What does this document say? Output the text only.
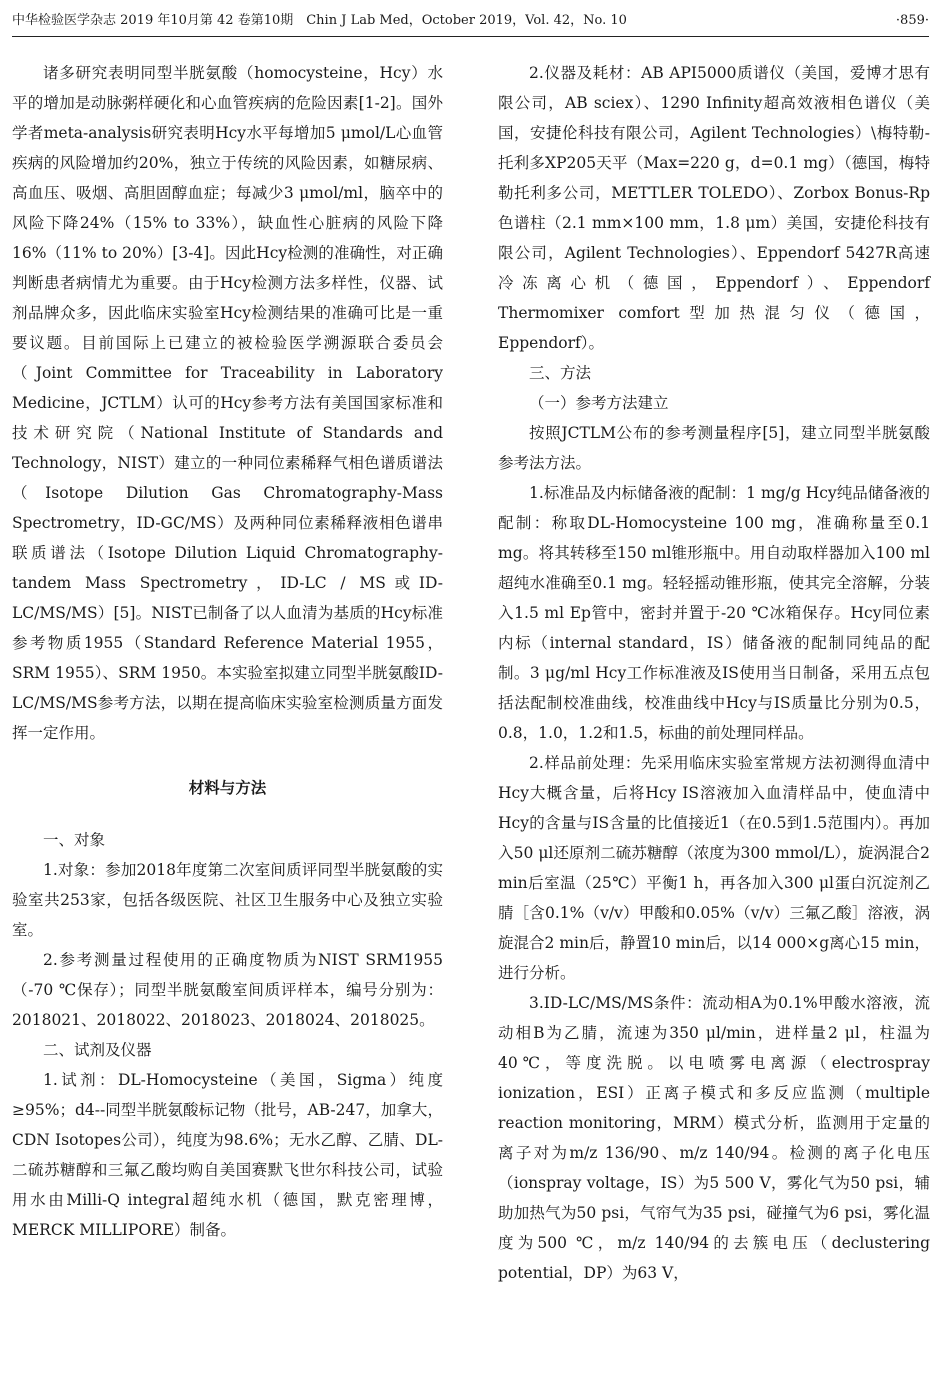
中华检验医学杂志 2019 年10月第 42 卷第10期　Chin J Lab Med，October 2019，Vol. 42，No. 10	·859·

诸多研究表明同型半胱氨酸（homocysteine，Hcy）水平的增加是动脉粥样硬化和心血管疾病的危险因素[1-2]。国外学者meta-analysis研究表明Hcy水平每增加5 μmol/L心血管疾病的风险增加约20%，独立于传统的风险因素，如糖尿病、高血压、吸烟、高胆固醇血症；每减少3 μmol/ml，脑卒中的风险下降24%（15% to 33%），缺血性心脏病的风险下降16%（11% to 20%）[3-4]。因此Hcy检测的准确性，对正确判断患者病情尤为重要。由于Hcy检测方法多样性，仪器、试剂品牌众多，因此临床实验室Hcy检测结果的准确可比是一重要议题。目前国际上已建立的被检验医学溯源联合委员会（Joint Committee for Traceability in Laboratory Medicine，JCTLM）认可的Hcy参考方法有美国国家标准和技术研究院（National Institute of Standards and Technology，NIST）建立的一种同位素稀释气相色谱质谱法（Isotope Dilution Gas Chromatography-Mass Spectrometry，ID-GC/MS）及两种同位素稀释液相色谱串联质谱法（Isotope Dilution Liquid Chromatography-tandem Mass Spectrometry，ID-LC / MS或ID-LC/MS/MS）[5]。NIST已制备了以人血清为基质的Hcy标准参考物质1955（Standard Reference Material 1955，SRM 1955）、SRM 1950。本实验室拟建立同型半胱氨酸ID-LC/MS/MS参考方法，以期在提高临床实验室检测质量方面发挥一定作用。

材料与方法

一、对象

1.对象：参加2018年度第二次室间质评同型半胱氨酸的实验室共253家，包括各级医院、社区卫生服务中心及独立实验室。

2.参考测量过程使用的正确度物质为NIST SRM1955（-70 ℃保存）；同型半胱氨酸室间质评样本，编号分别为：2018021、2018022、2018023、2018024、2018025。

二、试剂及仪器

1.试剂：DL-Homocysteine（美国，Sigma）纯度≥95%；d4--同型半胱氨酸标记物（批号，AB-247，加拿大，CDN Isotopes公司），纯度为98.6%；无水乙醇、乙腈、DL-二硫苏糖醇和三氟乙酸均购自美国赛默飞世尔科技公司，试验用水由Milli-Q integral超纯水机（德国，默克密理博，MERCK MILLIPORE）制备。

2.仪器及耗材：AB API5000质谱仪（美国，爱博才思有限公司，AB sciex）、1290 Infinity超高效液相色谱仪（美国，安捷伦科技有限公司，Agilent Technologies）\梅特勒-托利多XP205天平（Max=220 g，d=0.1 mg）（德国，梅特勒托利多公司，METTLER TOLEDO）、Zorbox Bonus-Rp色谱柱（2.1 mm×100 mm，1.8 μm）美国，安捷伦科技有限公司，Agilent Technologies）、Eppendorf 5427R高速冷冻离心机（德国，Eppendorf）、Eppendorf Thermomixer comfort型加热混匀仪（德国，Eppendorf）。

三、方法

（一）参考方法建立

按照JCTLM公布的参考测量程序[5]，建立同型半胱氨酸参考法方法。

1.标准品及内标储备液的配制：1 mg/g Hcy纯品储备液的配制：称取DL-Homocysteine 100 mg，准确称量至0.1 mg。将其转移至150 ml锥形瓶中。用自动取样器加入100 ml超纯水准确至0.1 mg。轻轻摇动锥形瓶，使其完全溶解，分装入1.5 ml Ep管中，密封并置于-20 ℃冰箱保存。Hcy同位素内标（internal standard，IS）储备液的配制同纯品的配制。3 μg/ml Hcy工作标准液及IS使用当日制备，采用五点包括法配制校准曲线，校准曲线中Hcy与IS质量比分别为0.5，0.8，1.0，1.2和1.5，标曲的前处理同样品。

2.样品前处理：先采用临床实验室常规方法初测得血清中Hcy大概含量，后将Hcy IS溶液加入血清样品中，使血清中Hcy的含量与IS含量的比值接近1（在0.5到1.5范围内）。再加入50 μl还原剂二硫苏糖醇（浓度为300 mmol/L），旋涡混合2 min后室温（25℃）平衡1 h，再各加入300 μl蛋白沉淀剂乙腈［含0.1%（v/v）甲酸和0.05%（v/v）三氟乙酸］溶液，涡旋混合2 min后，静置10 min后，以14 000×g离心15 min，进行分析。

3.ID-LC/MS/MS条件：流动相A为0.1%甲酸水溶液，流动相B为乙腈，流速为350 μl/min，进样量2 μl，柱温为40℃，等度洗脱。以电喷雾电离源（electrospray ionization，ESI）正离子模式和多反应监测（multiple reaction monitoring，MRM）模式分析，监测用于定量的离子对为m/z 136/90、m/z 140/94。检测的离子化电压（ionspray voltage，IS）为5 500 V，雾化气为50 psi，辅助加热气为50 psi，气帘气为35 psi，碰撞气为6 psi，雾化温度为500 ℃，m/z 140/94的去簇电压（declustering potential，DP）为63 V，
